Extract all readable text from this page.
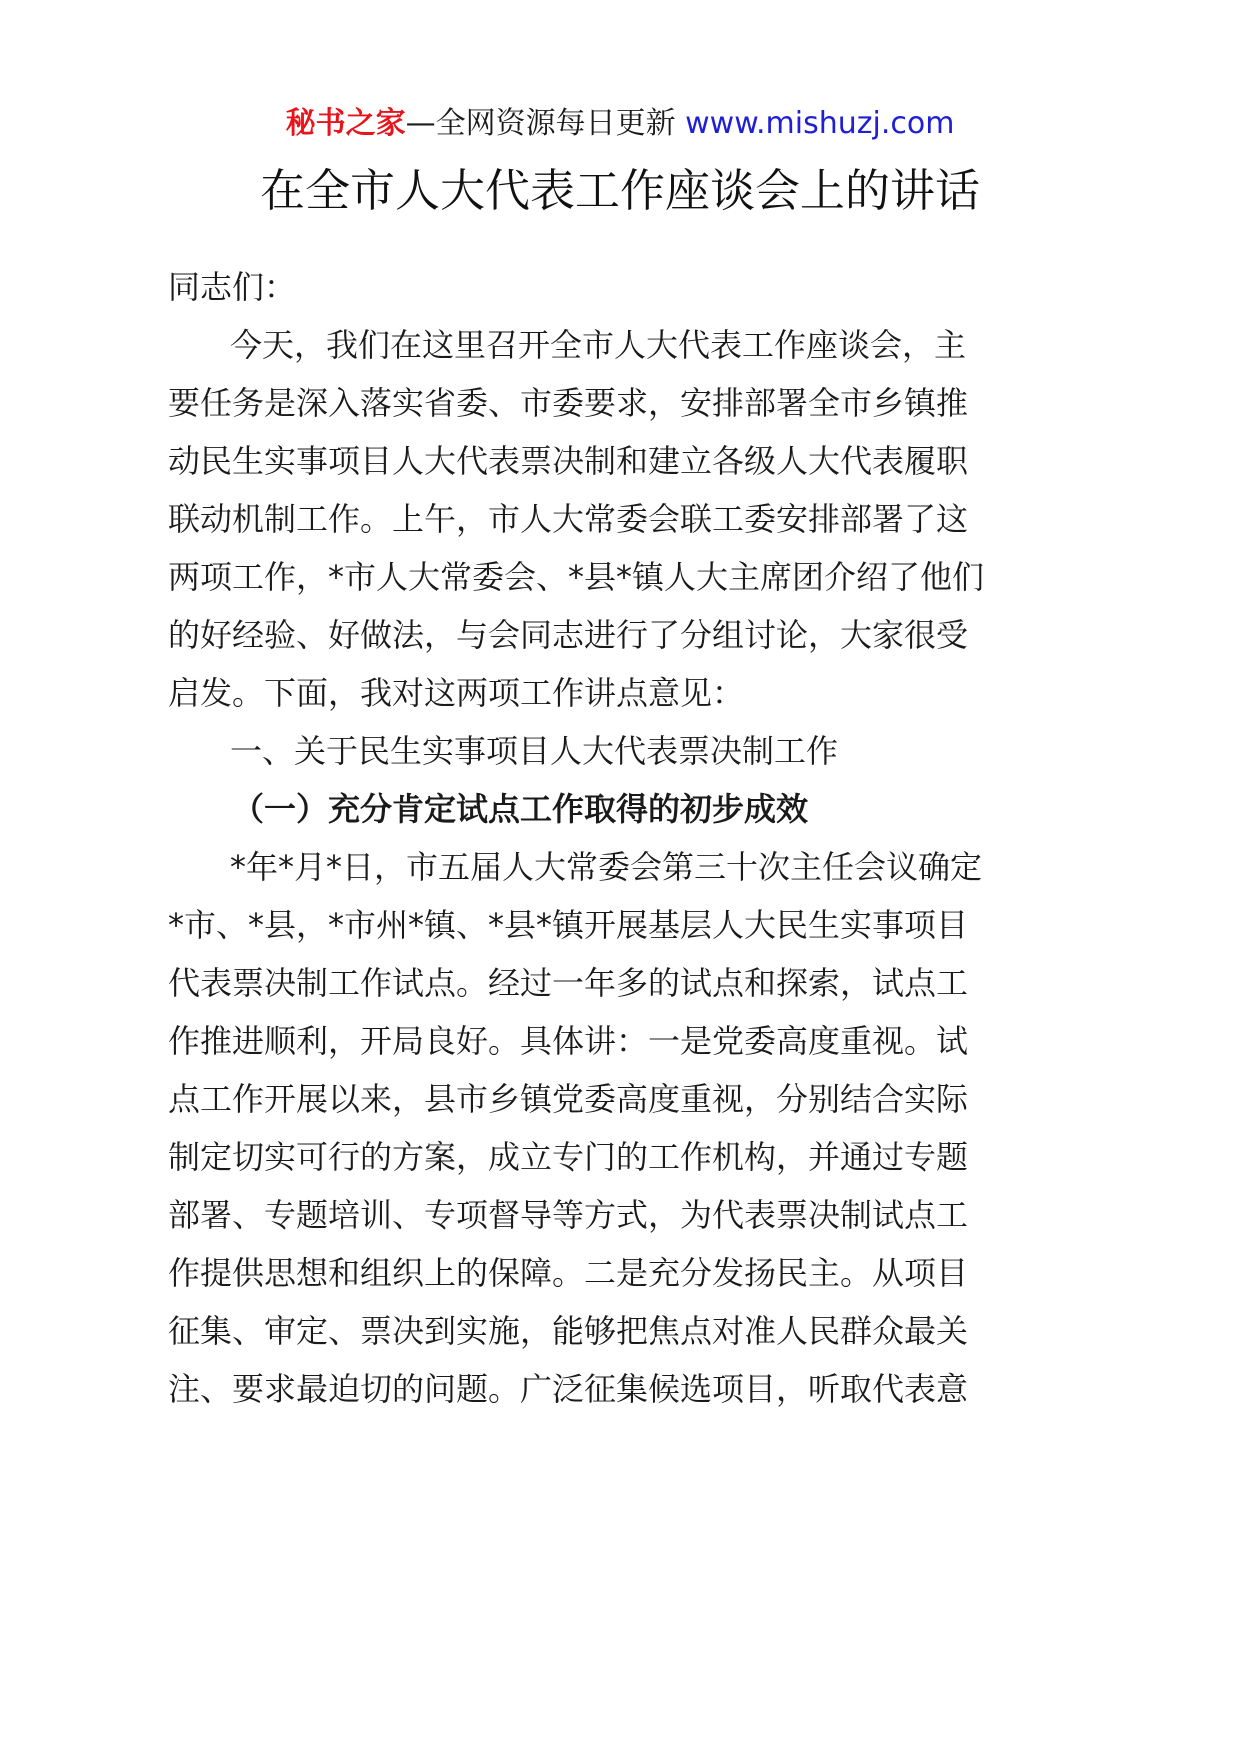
秘书之家—全网资源每日更新 www.mishuzj.com
在全市人大代表工作座谈会上的讲话
同志们：
今天，我们在这里召开全市人大代表工作座谈会，主
要任务是深入落实省委、市委要求，安排部署全市乡镇推
动民生实事项目人大代表票决制和建立各级人大代表履职
联动机制工作。上午，市人大常委会联工委安排部署了这
两项工作，*市人大常委会、*县*镇人大主席团介绍了他们
的好经验、好做法，与会同志进行了分组讨论，大家很受
启发。下面，我对这两项工作讲点意见：
一、关于民生实事项目人大代表票决制工作
（一）充分肯定试点工作取得的初步成效
*年*月*日，市五届人大常委会第三十次主任会议确定
*市、*县，*市州*镇、*县*镇开展基层人大民生实事项目
代表票决制工作试点。经过一年多的试点和探索，试点工
作推进顺利，开局良好。具体讲：一是党委高度重视。试
点工作开展以来，县市乡镇党委高度重视，分别结合实际
制定切实可行的方案，成立专门的工作机构，并通过专题
部署、专题培训、专项督导等方式，为代表票决制试点工
作提供思想和组织上的保障。二是充分发扬民主。从项目
征集、审定、票决到实施，能够把焦点对准人民群众最关
注、要求最迫切的问题。广泛征集候选项目，听取代表意
